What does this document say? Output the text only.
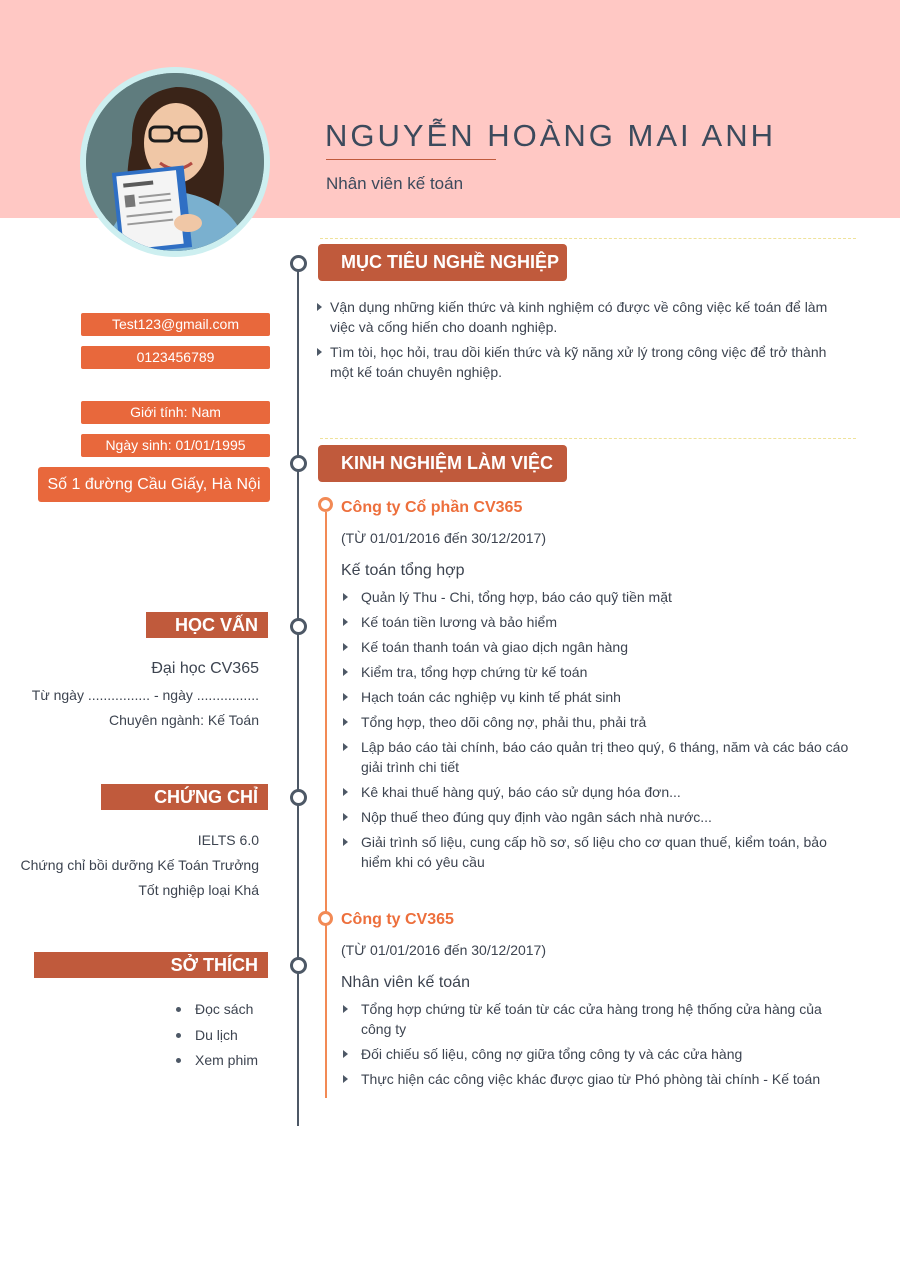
NGUYỄN HOÀNG MAI ANH
Nhân viên kế toán
Test123@gmail.com
0123456789
Giới tính: Nam
Ngày sinh: 01/01/1995
Số 1 đường Cầu Giấy, Hà Nội
HỌC VẤN
Đại học CV365
Từ ngày ................ - ngày ................
Chuyên ngành: Kế Toán
CHỨNG CHỈ
IELTS 6.0
Chứng chỉ bồi dưỡng Kế Toán Trưởng
Tốt nghiệp loại Khá
SỞ THÍCH
Đọc sách
Du lịch
Xem phim
MỤC TIÊU NGHỀ NGHIỆP
Vận dụng những kiến thức và kinh nghiệm có được về công việc kế toán để làm việc và cống hiến cho doanh nghiệp.
Tìm tòi, học hỏi, trau dồi kiến thức và kỹ năng xử lý trong công việc để trở thành một kế toán chuyên nghiệp.
KINH NGHIỆM LÀM VIỆC
Công ty Cổ phần CV365
(TỪ 01/01/2016 đến 30/12/2017)
Kế toán tổng hợp
Quản lý Thu - Chi, tổng hợp, báo cáo quỹ tiền mặt
Kế toán tiền lương và bảo hiểm
Kế toán thanh toán và giao dịch ngân hàng
Kiểm tra, tổng hợp chứng từ kế toán
Hạch toán các nghiệp vụ kinh tế phát sinh
Tổng hợp, theo dõi công nợ, phải thu, phải trả
Lập báo cáo tài chính, báo cáo quản trị theo quý, 6 tháng, năm và các báo cáo giải trình chi tiết
Kê khai thuế hàng quý, báo cáo sử dụng hóa đơn...
Nộp thuế theo đúng quy định vào ngân sách nhà nước...
Giải trình số liệu, cung cấp hồ sơ, số liệu cho cơ quan thuế, kiểm toán, bảo hiểm khi có yêu cầu
Công ty CV365
(TỪ 01/01/2016 đến 30/12/2017)
Nhân viên kế toán
Tổng hợp chứng từ kế toán từ các cửa hàng trong hệ thống cửa hàng của công ty
Đối chiếu số liệu, công nợ giữa tổng công ty và các cửa hàng
Thực hiện các công việc khác được giao từ Phó phòng tài chính - Kế toán
